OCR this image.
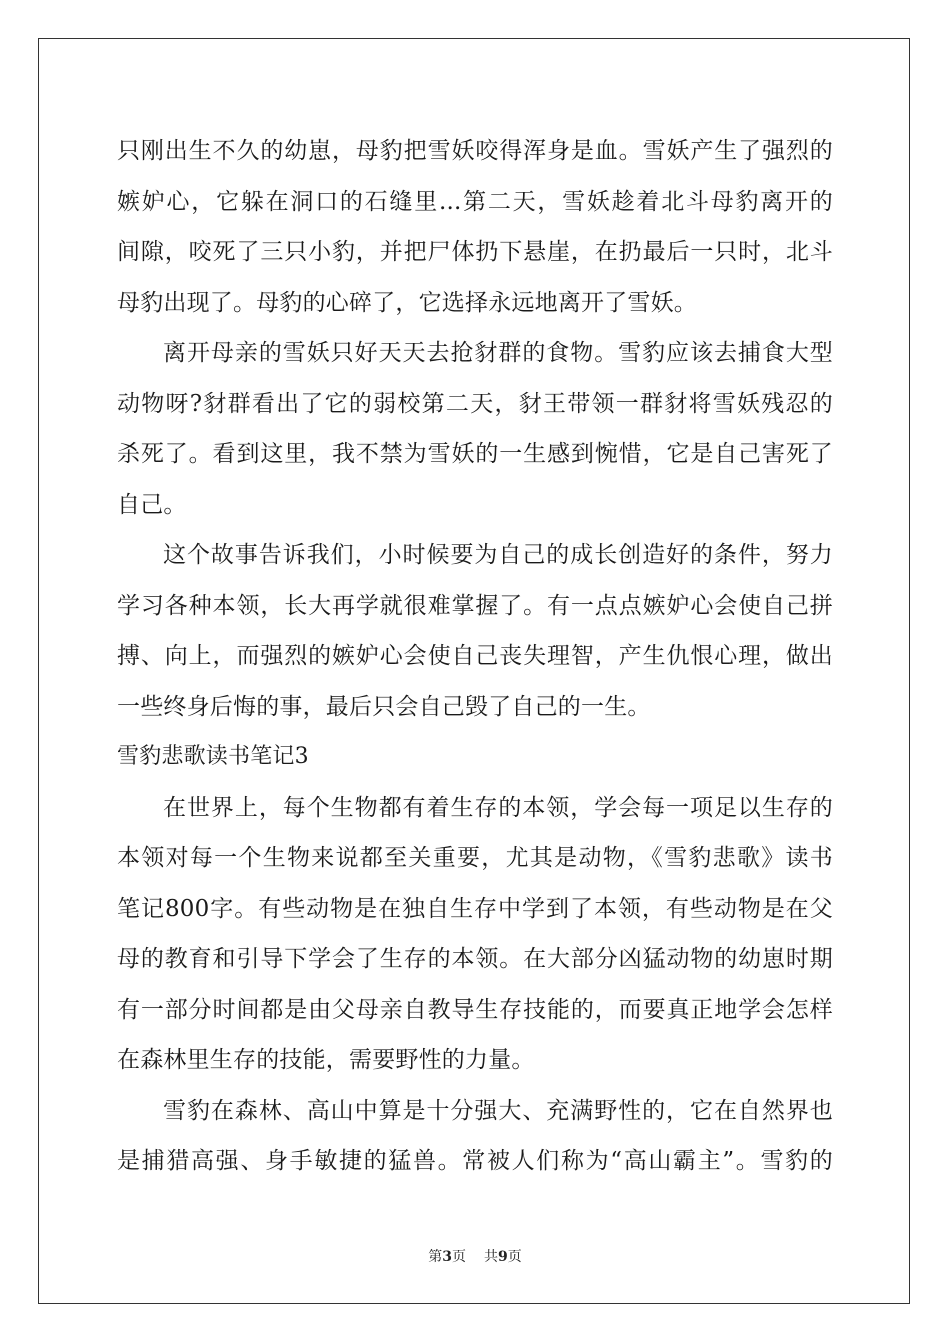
只刚出生不久的幼崽，母豹把雪妖咬得浑身是血。雪妖产生了强烈的
嫉妒心，它躲在洞口的石缝里...第二天，雪妖趁着北斗母豹离开的
间隙，咬死了三只小豹，并把尸体扔下悬崖，在扔最后一只时，北斗
母豹出现了。母豹的心碎了，它选择永远地离开了雪妖。
离开母亲的雪妖只好天天去抢豺群的食物。雪豹应该去捕食大型
动物呀?豺群看出了它的弱校第二天，豺王带领一群豺将雪妖残忍的
杀死了。看到这里，我不禁为雪妖的一生感到惋惜，它是自己害死了
自己。
这个故事告诉我们，小时候要为自己的成长创造好的条件，努力
学习各种本领，长大再学就很难掌握了。有一点点嫉妒心会使自己拼
搏、向上，而强烈的嫉妒心会使自己丧失理智，产生仇恨心理，做出
一些终身后悔的事，最后只会自己毁了自己的一生。
雪豹悲歌读书笔记3
在世界上，每个生物都有着生存的本领，学会每一项足以生存的
本领对每一个生物来说都至关重要，尤其是动物，《雪豹悲歌》读书
笔记800字。有些动物是在独自生存中学到了本领，有些动物是在父
母的教育和引导下学会了生存的本领。在大部分凶猛动物的幼崽时期
有一部分时间都是由父母亲自教导生存技能的，而要真正地学会怎样
在森林里生存的技能，需要野性的力量。
雪豹在森林、高山中算是十分强大、充满野性的，它在自然界也
是捕猎高强、身手敏捷的猛兽。常被人们称为“高山霸主”。雪豹的
第3页 共9页
